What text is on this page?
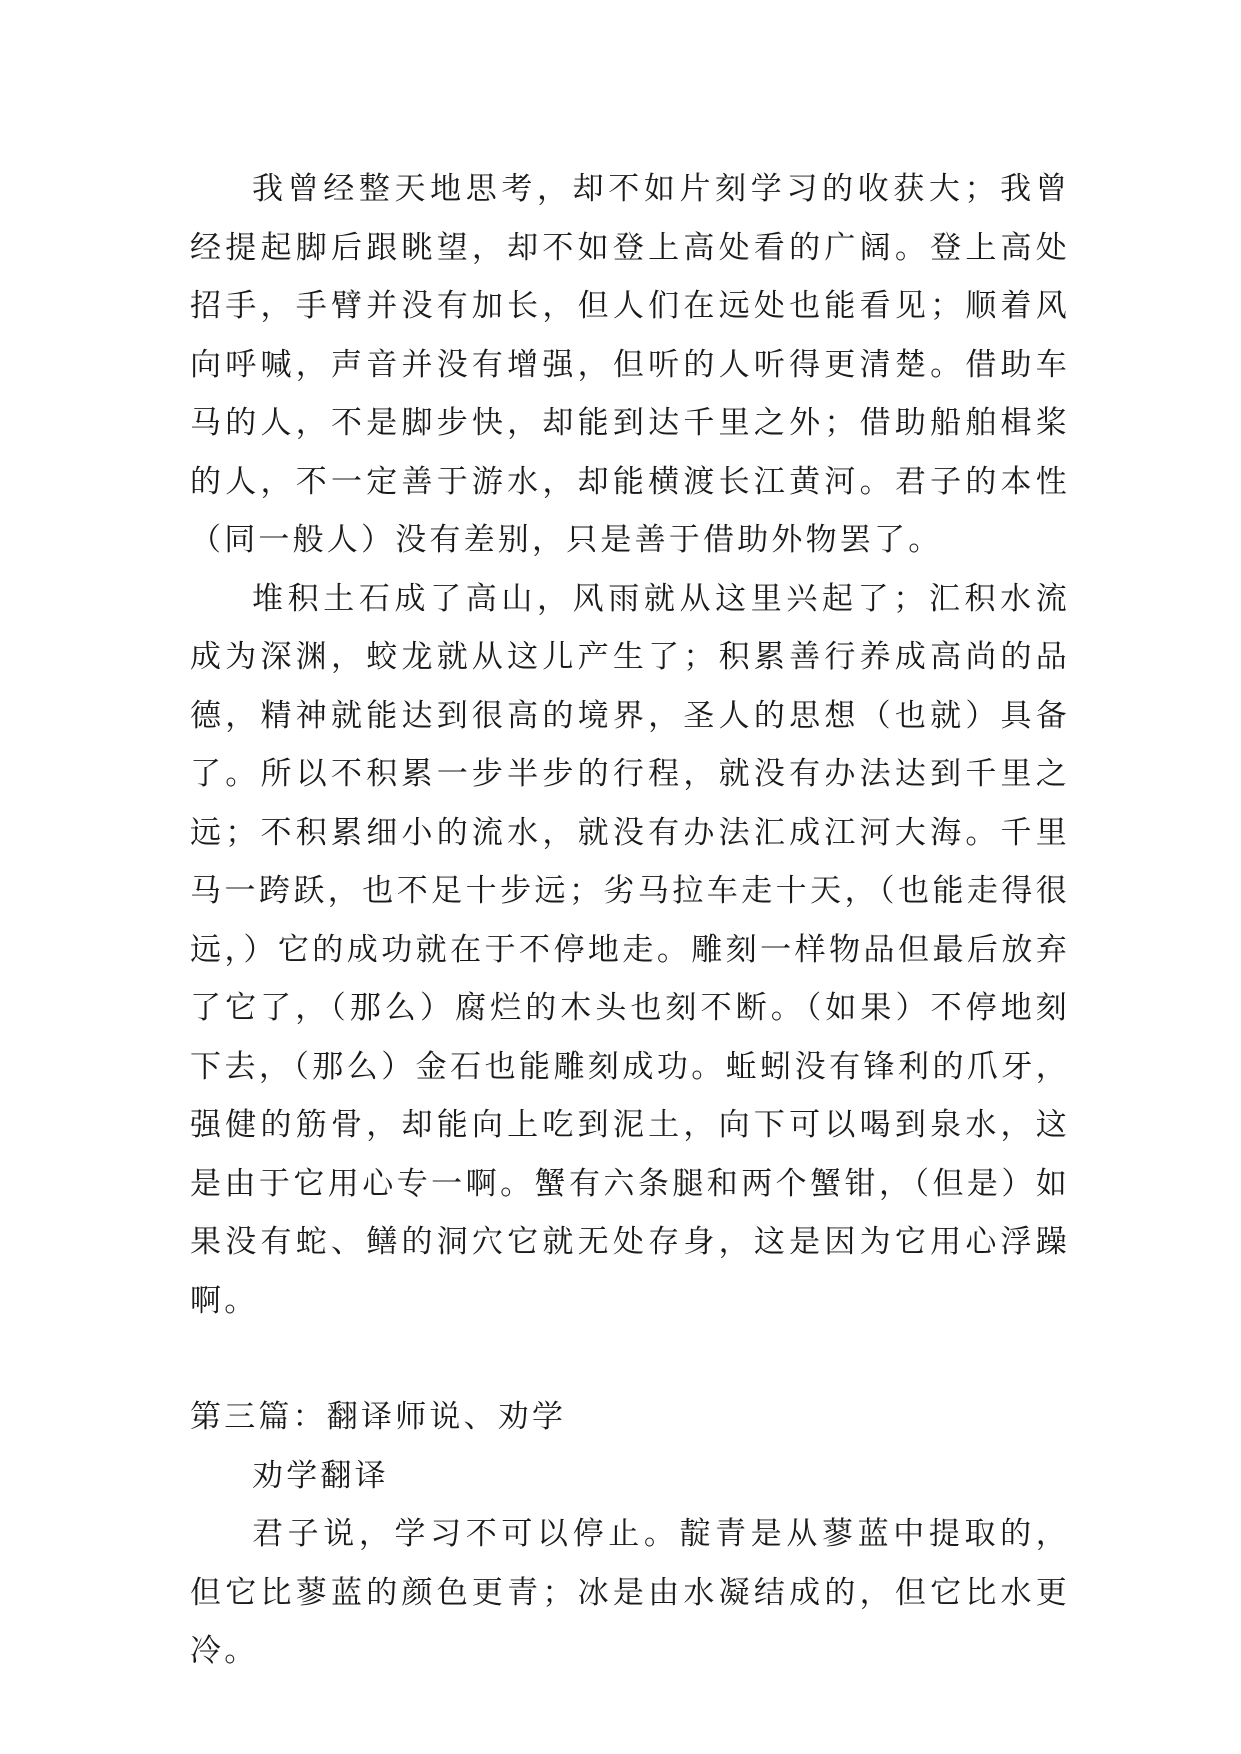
我曾经整天地思考，却不如片刻学习的收获大；我曾经提起脚后跟眺望，却不如登上高处看的广阔。登上高处招手，手臂并没有加长，但人们在远处也能看见；顺着风向呼喊，声音并没有增强，但听的人听得更清楚。借助车马的人，不是脚步快，却能到达千里之外；借助船舶楫桨的人，不一定善于游水，却能横渡长江黄河。君子的本性（同一般人）没有差别，只是善于借助外物罢了。

堆积土石成了高山，风雨就从这里兴起了；汇积水流成为深渊，蛟龙就从这儿产生了；积累善行养成高尚的品德，精神就能达到很高的境界，圣人的思想（也就）具备了。所以不积累一步半步的行程，就没有办法达到千里之远；不积累细小的流水，就没有办法汇成江河大海。千里马一跨跃，也不足十步远；劣马拉车走十天，（也能走得很远，）它的成功就在于不停地走。雕刻一样物品但最后放弃了它了，（那么）腐烂的木头也刻不断。（如果）不停地刻下去，（那么）金石也能雕刻成功。蚯蚓没有锋利的爪牙，强健的筋骨，却能向上吃到泥土，向下可以喝到泉水，这是由于它用心专一啊。蟹有六条腿和两个蟹钳，（但是）如果没有蛇、鳝的洞穴它就无处存身，这是因为它用心浮躁啊。

第三篇：翻译师说、劝学
劝学翻译

君子说，学习不可以停止。靛青是从蓼蓝中提取的，但它比蓼蓝的颜色更青；冰是由水凝结成的，但它比水更冷。
